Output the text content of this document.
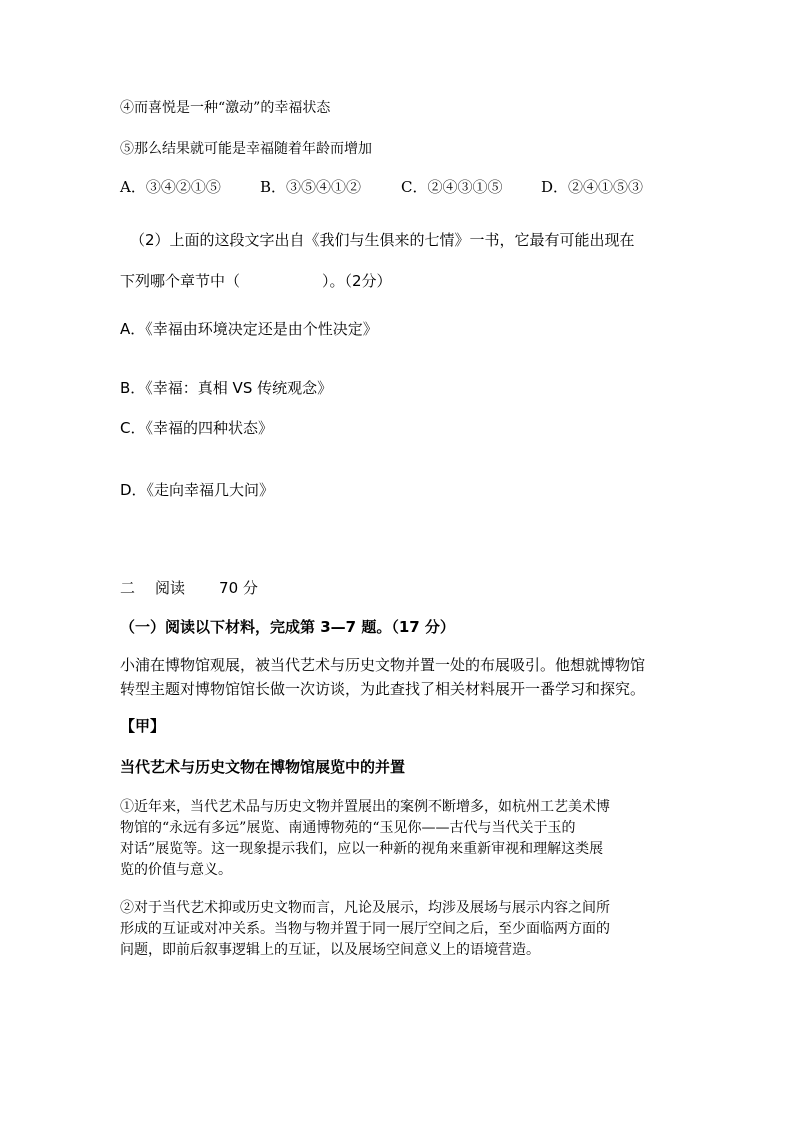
④而喜悦是一种“激动”的幸福状态
⑤那么结果就可能是幸福随着年龄而增加
A．③④②①⑤	B．③⑤④①②	C．②④③①⑤	D．②④①⑤③
（2）上面的这段文字出自《我们与生俱来的七情》一书，它最有可能出现在
下列哪个章节中（	）。（2分）
A．《幸福由环境决定还是由个性决定》
B．《幸福：真相 VS 传统观念》
C．《幸福的四种状态》
D．《走向幸福几大问》
二 阅读 70 分
（一）阅读以下材料，完成第 3—7 题。（17 分）
小浦在博物馆观展，被当代艺术与历史文物并置一处的布展吸引。他想就博物馆
转型主题对博物馆馆长做一次访谈，为此查找了相关材料展开一番学习和探究。
【甲】
当代艺术与历史文物在博物馆展览中的并置
①近年来，当代艺术品与历史文物并置展出的案例不断增多，如杭州工艺美术博
物馆的“永远有多远”展览、南通博物苑的“玉见你——古代与当代关于玉的
对话”展览等。这一现象提示我们，应以一种新的视角来重新审视和理解这类展
览的价值与意义。
②对于当代艺术抑或历史文物而言，凡论及展示，均涉及展场与展示内容之间所
形成的互证或对冲关系。当物与物并置于同一展厅空间之后，至少面临两方面的
问题，即前后叙事逻辑上的互证，以及展场空间意义上的语境营造。
